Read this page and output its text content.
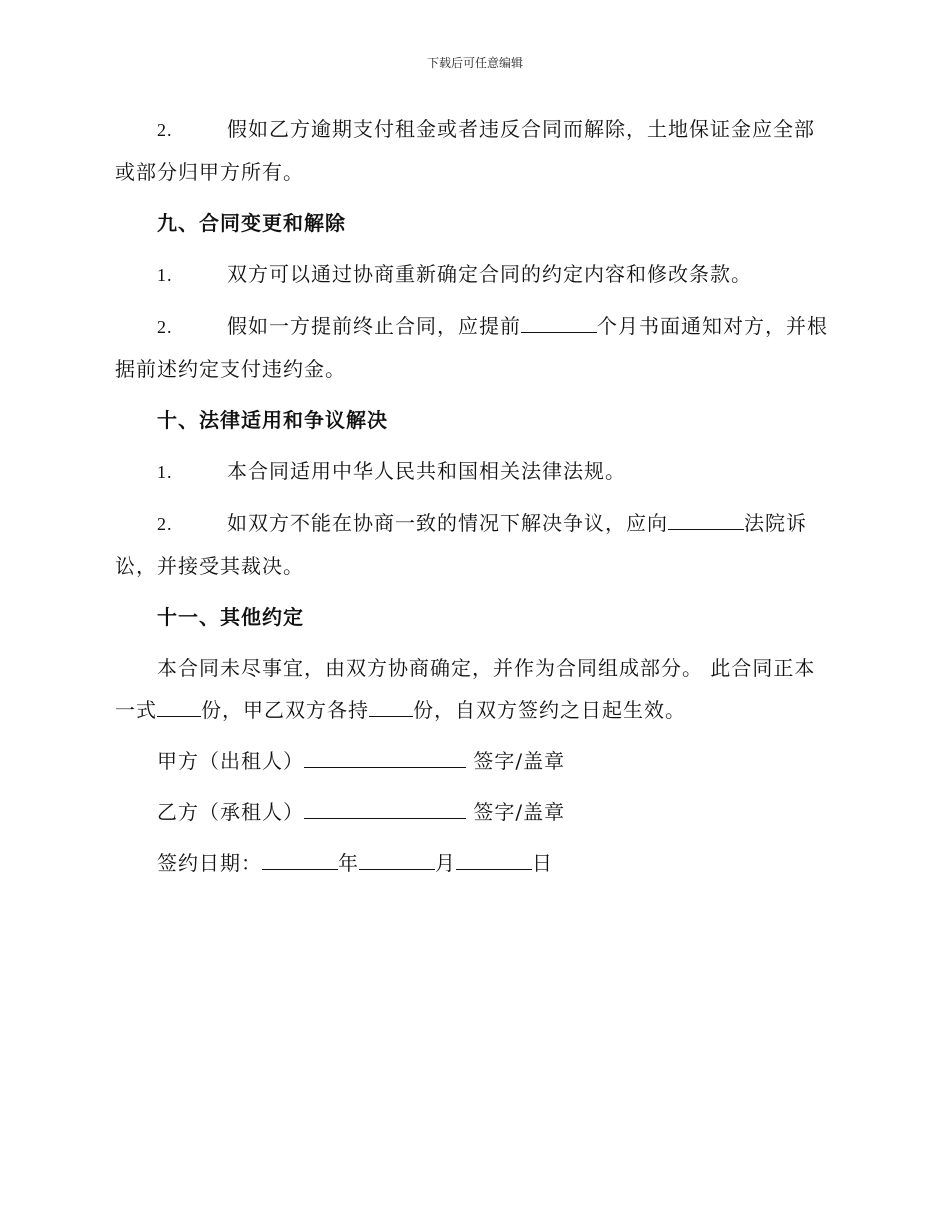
下载后可任意编辑

2.	假如乙方逾期支付租金或者违反合同而解除，土地保证金应全部或部分归甲方所有。

九、合同变更和解除

1.	双方可以通过协商重新确定合同的约定内容和修改条款。

2.	假如一方提前终止合同，应提前	个月书面通知对方，并根据前述约定支付违约金。

十、法律适用和争议解决

1.	本合同适用中华人民共和国相关法律法规。

2.	如双方不能在协商一致的情况下解决争议，应向	法院诉讼，并接受其裁决。

十一、其他约定

本合同未尽事宜，由双方协商确定，并作为合同组成部分。 此合同正本一式 份，甲乙双方各持 份，自双方签约之日起生效。

甲方（出租人）	签字/盖章

乙方（承租人）	签字/盖章

签约日期：	年	月	日
